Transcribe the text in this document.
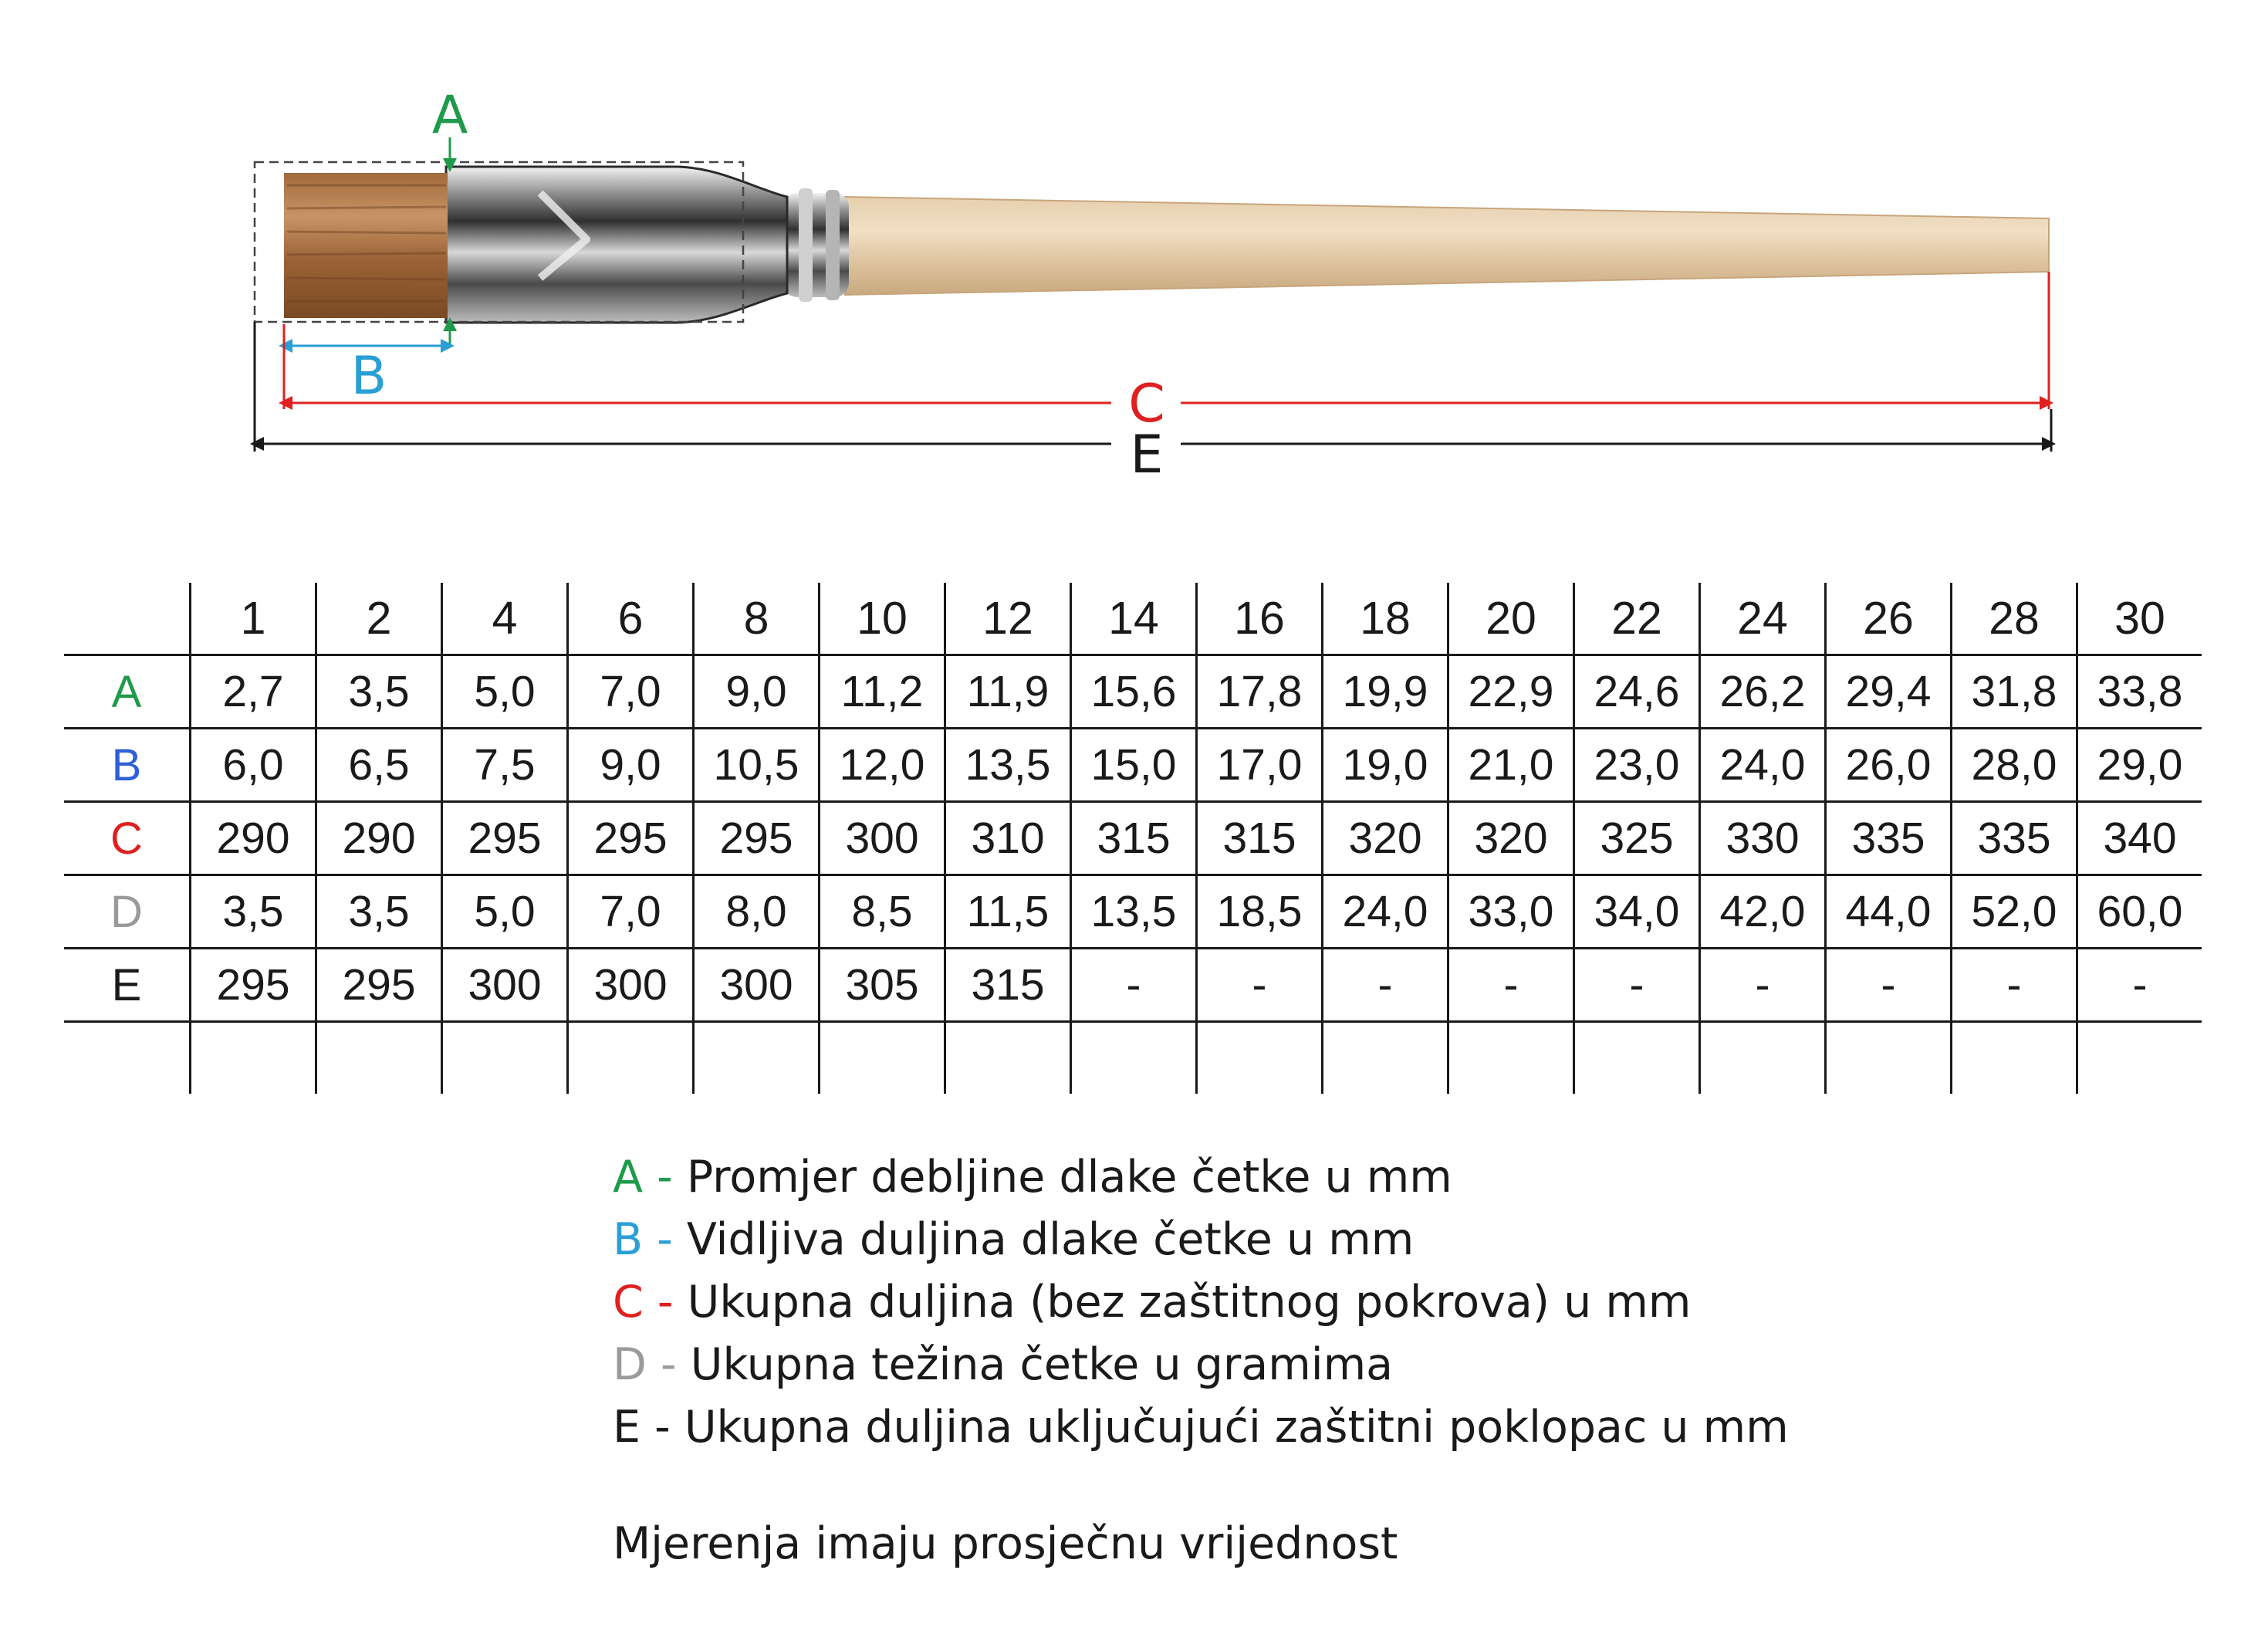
A
B	C
E
	1	2	4	6	8	10	12	14	16	18	20	22	24	26	28	30
A	2,7	3,5	5,0	7,0	9,0	11,2	11,9	15,6	17,8	19,9	22,9	24,6	26,2	29,4	31,8	33,8
B	6,0	6,5	7,5	9,0	10,5	12,0	13,5	15,0	17,0	19,0	21,0	23,0	24,0	26,0	28,0	29,0
C	290	290	295	295	295	300	310	315	315	320	320	325	330	335	335	340
D	3,5	3,5	5,0	7,0	8,0	8,5	11,5	13,5	18,5	24,0	33,0	34,0	42,0	44,0	52,0	60,0
E	295	295	300	300	300	305	315	-	-	-	-	-	-	-	-	-

A - Promjer debljine dlake četke u mm
B - Vidljiva duljina dlake četke u mm
C - Ukupna duljina (bez zaštitnog pokrova) u mm
D - Ukupna težina četke u gramima
E - Ukupna duljina uključujući zaštitni poklopac u mm
Mjerenja imaju prosječnu vrijednost
